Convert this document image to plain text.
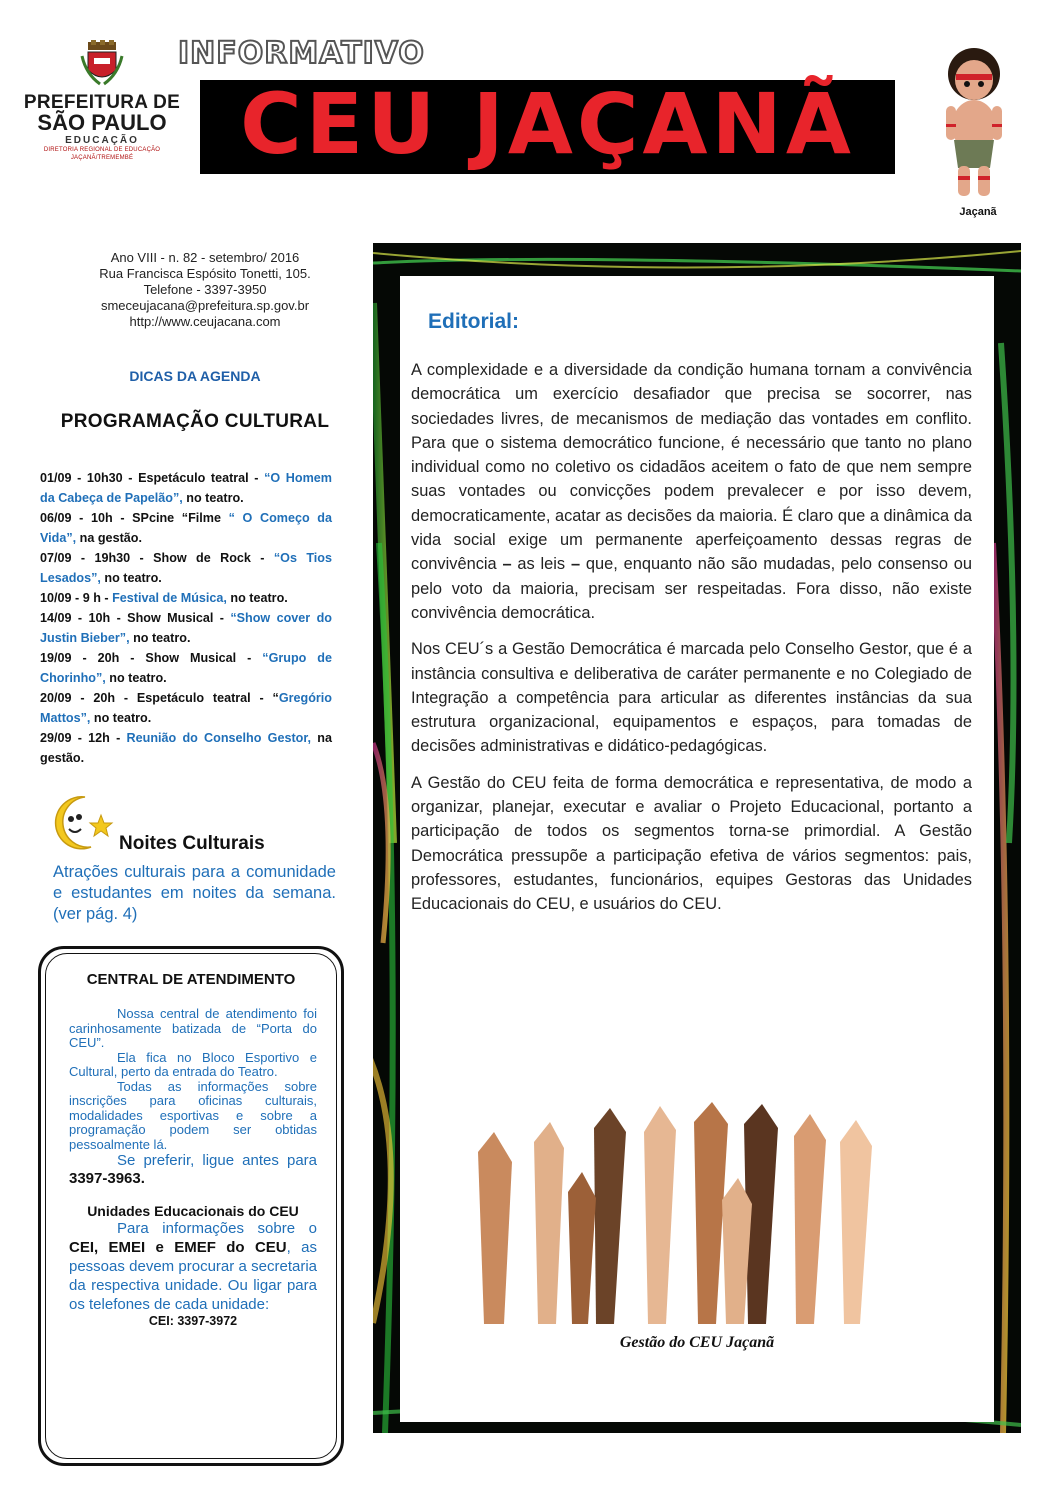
PREFEITURA DE
SÃO PAULO
EDUCAÇÃO
DIRETORIA REGIONAL DE EDUCAÇÃO
JAÇANÃ/TREMEMBÉ
INFORMATIVO
CEU JAÇANÃ
Jaçanã
Ano VIII - n. 82 - setembro/ 2016
Rua Francisca Espósito Tonetti, 105.
Telefone - 3397-3950
smeceujacana@prefeitura.sp.gov.br
http://www.ceujacana.com
DICAS DA AGENDA
PROGRAMAÇÃO CULTURAL
01/09 - 10h30 - Espetáculo teatral - “O Homem da Cabeça de Papelão”, no teatro.
06/09 - 10h - SPcine “Filme “ O Começo da Vida”, na gestão.
07/09 - 19h30 - Show de Rock - “Os Tios Lesados”, no teatro.
10/09 - 9 h - Festival de Música, no teatro.
14/09 - 10h - Show Musical - “Show cover do Justin Bieber”, no teatro.
19/09 - 20h - Show Musical - “Grupo de Chorinho”, no teatro.
20/09 - 20h - Espetáculo teatral - “Gregório Mattos”, no teatro.
29/09 - 12h - Reunião do Conselho Gestor, na gestão.
Noites Culturais
Atrações culturais para a comunidade e estudantes em noites da semana. (ver pág. 4)
CENTRAL DE ATENDIMENTO

Nossa central de atendimento foi carinhosamente batizada de “Porta do CEU”.

Ela fica no Bloco Esportivo e Cultural, perto da entrada do Teatro.

Todas as informações sobre inscrições para oficinas culturais, modalidades esportivas e sobre a programação podem ser obtidas pessoalmente lá.

Se preferir, ligue antes para 3397-3963.

Unidades Educacionais do CEU

Para informações sobre o CEI, EMEI e EMEF do CEU, as pessoas devem procurar a secretaria da respectiva unidade. Ou ligar para os telefones de cada unidade:

CEI: 3397-3972

Editorial:

A complexidade e a diversidade da condição humana tornam a convivência democrática um exercício desafiador que precisa se socorrer, nas sociedades livres, de mecanismos de mediação das vontades em conflito. Para que o sistema democrático funcione, é necessário que tanto no plano individual como no coletivo os cidadãos aceitem o fato de que nem sempre suas vontades ou convicções podem prevalecer e por isso devem, democraticamente, acatar as decisões da maioria. É claro que a dinâmica da vida social exige um permanente aperfeiçoamento dessas regras de convivência – as leis – que, enquanto não são mudadas, pelo consenso ou pelo voto da maioria, precisam ser respeitadas. Fora disso, não existe convivência democrática.

Nos CEU´s a Gestão Democrática é marcada pelo Conselho Gestor, que é a instância consultiva e deliberativa de caráter permanente e no Colegiado de Integração a competência para articular as diferentes instâncias da sua estrutura organizacional, equipamentos e espaços, para tomadas de decisões administrativas e didático-pedagógicas.

A Gestão do CEU feita de forma democrática e representativa, de modo a organizar, planejar, executar e avaliar o Projeto Educacional, portanto a participação de todos os segmentos torna-se primordial. A Gestão Democrática pressupõe a participação efetiva de vários segmentos: pais, professores, estudantes, funcionários, equipes Gestoras das Unidades Educacionais do CEU, e usuários do CEU.

Gestão do CEU Jaçanã
